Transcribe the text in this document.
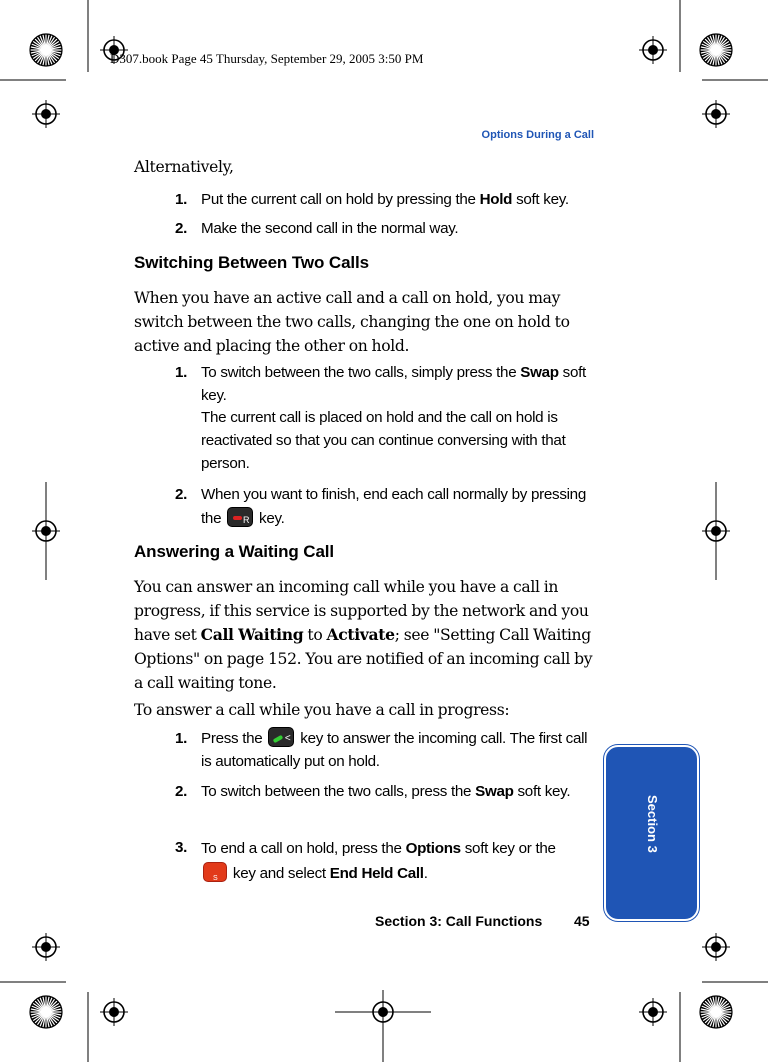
D307.book Page 45 Thursday, September 29, 2005 3:50 PM
Options During a Call
Alternatively,
1. Put the current call on hold by pressing the Hold soft key.
2. Make the second call in the normal way.
Switching Between Two Calls
When you have an active call and a call on hold, you may switch between the two calls, changing the one on hold to active and placing the other on hold.
1. To switch between the two calls, simply press the Swap soft key.
The current call is placed on hold and the call on hold is reactivated so that you can continue conversing with that person.
2. When you want to finish, end each call normally by pressing the R key.
Answering a Waiting Call
You can answer an incoming call while you have a call in progress, if this service is supported by the network and you have set Call Waiting to Activate; see "Setting Call Waiting Options" on page 152. You are notified of an incoming call by a call waiting tone.
To answer a call while you have a call in progress:
1. Press the < key to answer the incoming call. The first call is automatically put on hold.
2. To switch between the two calls, press the Swap soft key.
3. To end a call on hold, press the Options soft key or the S key and select End Held Call.
Section 3
Section 3: Call Functions 45
